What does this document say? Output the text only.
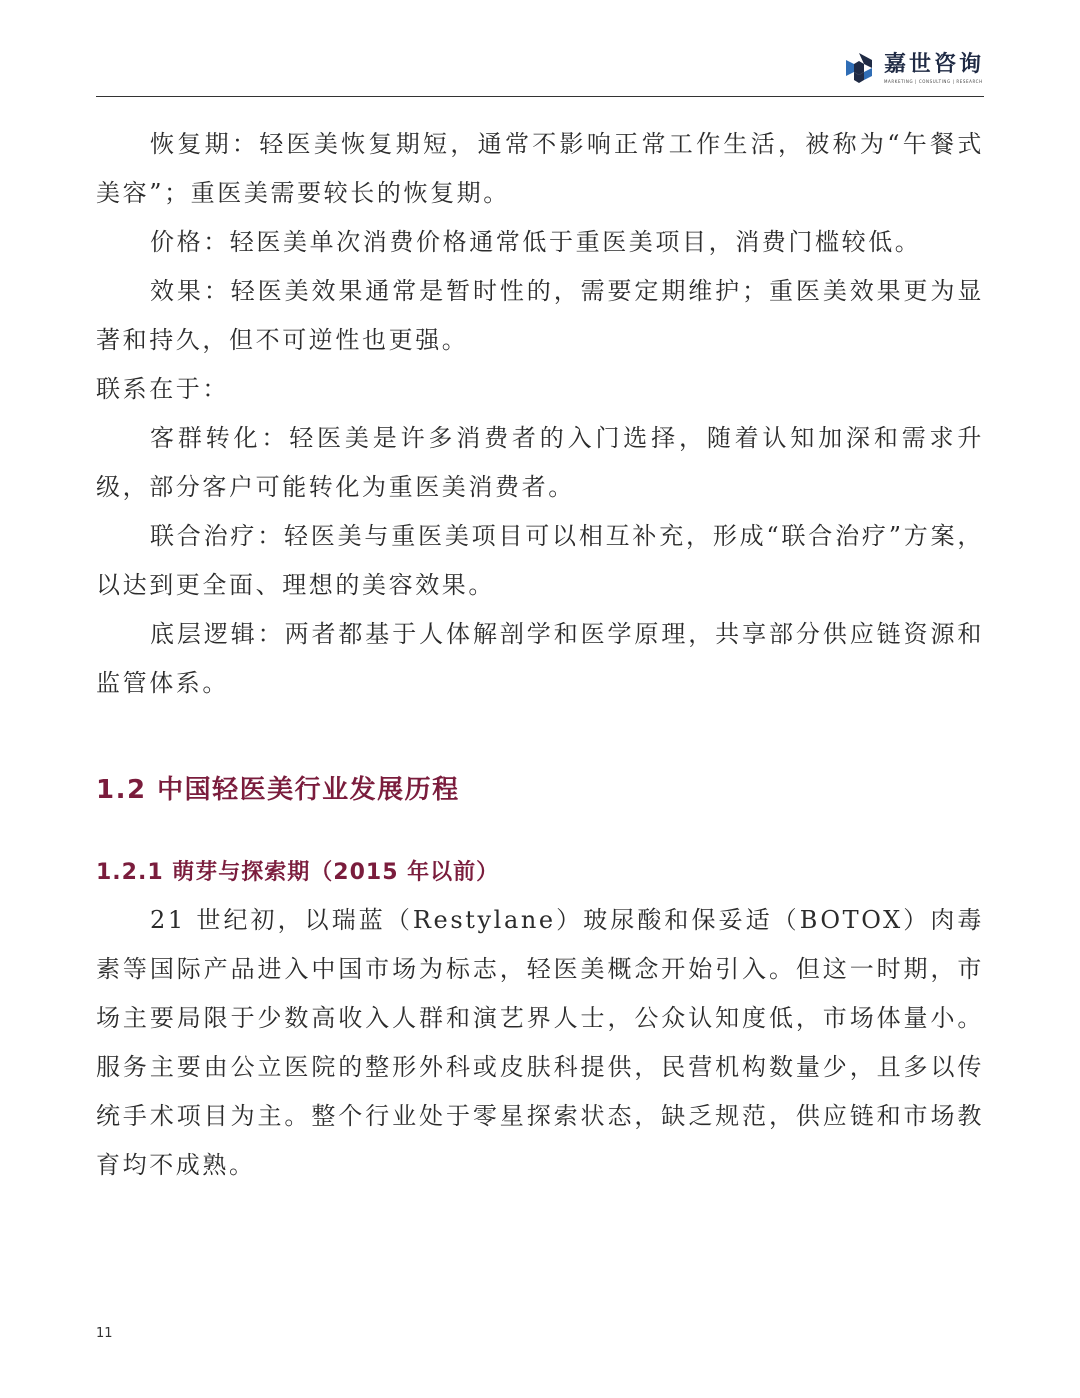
嘉世咨询
MARKETING | CONSULTING | RESEARCH

恢复期：轻医美恢复期短，通常不影响正常工作生活，被称为“午餐式美容”；重医美需要较长的恢复期。

价格：轻医美单次消费价格通常低于重医美项目，消费门槛较低。

效果：轻医美效果通常是暂时性的，需要定期维护；重医美效果更为显著和持久，但不可逆性也更强。

联系在于：

客群转化：轻医美是许多消费者的入门选择，随着认知加深和需求升级，部分客户可能转化为重医美消费者。

联合治疗：轻医美与重医美项目可以相互补充，形成“联合治疗”方案，以达到更全面、理想的美容效果。

底层逻辑：两者都基于人体解剖学和医学原理，共享部分供应链资源和监管体系。

1.2 中国轻医美行业发展历程
1.2.1 萌芽与探索期（2015 年以前）

21 世纪初，以瑞蓝（Restylane）玻尿酸和保妥适（BOTOX）肉毒素等国际产品进入中国市场为标志，轻医美概念开始引入。但这一时期，市场主要局限于少数高收入人群和演艺界人士，公众认知度低，市场体量小。服务主要由公立医院的整形外科或皮肤科提供，民营机构数量少，且多以传统手术项目为主。整个行业处于零星探索状态，缺乏规范，供应链和市场教育均不成熟。

11
